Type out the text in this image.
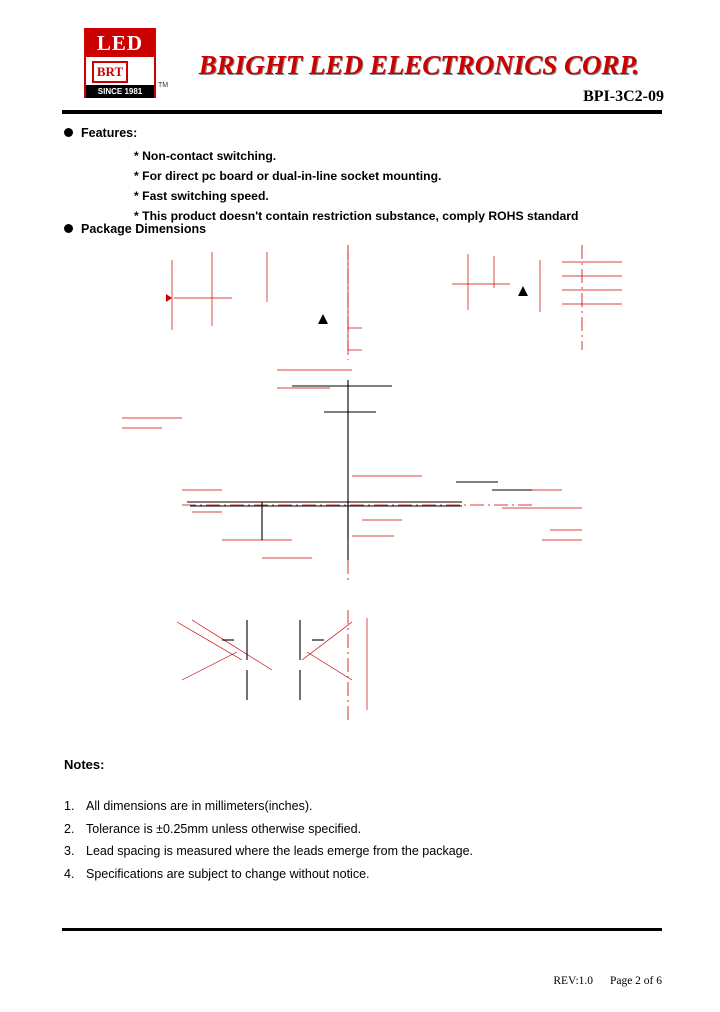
LED
BRT
SINCE 1981
TM
BRIGHT LED ELECTRONICS CORP.
BPI-3C2-09
Features:
* Non-contact switching.
* For direct pc board or dual-in-line socket mounting.
* Fast switching speed.
* This product doesn't contain restriction substance, comply ROHS standard
Package Dimensions
Notes:
1. All dimensions are in millimeters(inches).
2. Tolerance is ±0.25mm unless otherwise specified.
3. Lead spacing is measured where the leads emerge from the package.
4. Specifications are subject to change without notice.
REV:1.0 Page 2 of 6
